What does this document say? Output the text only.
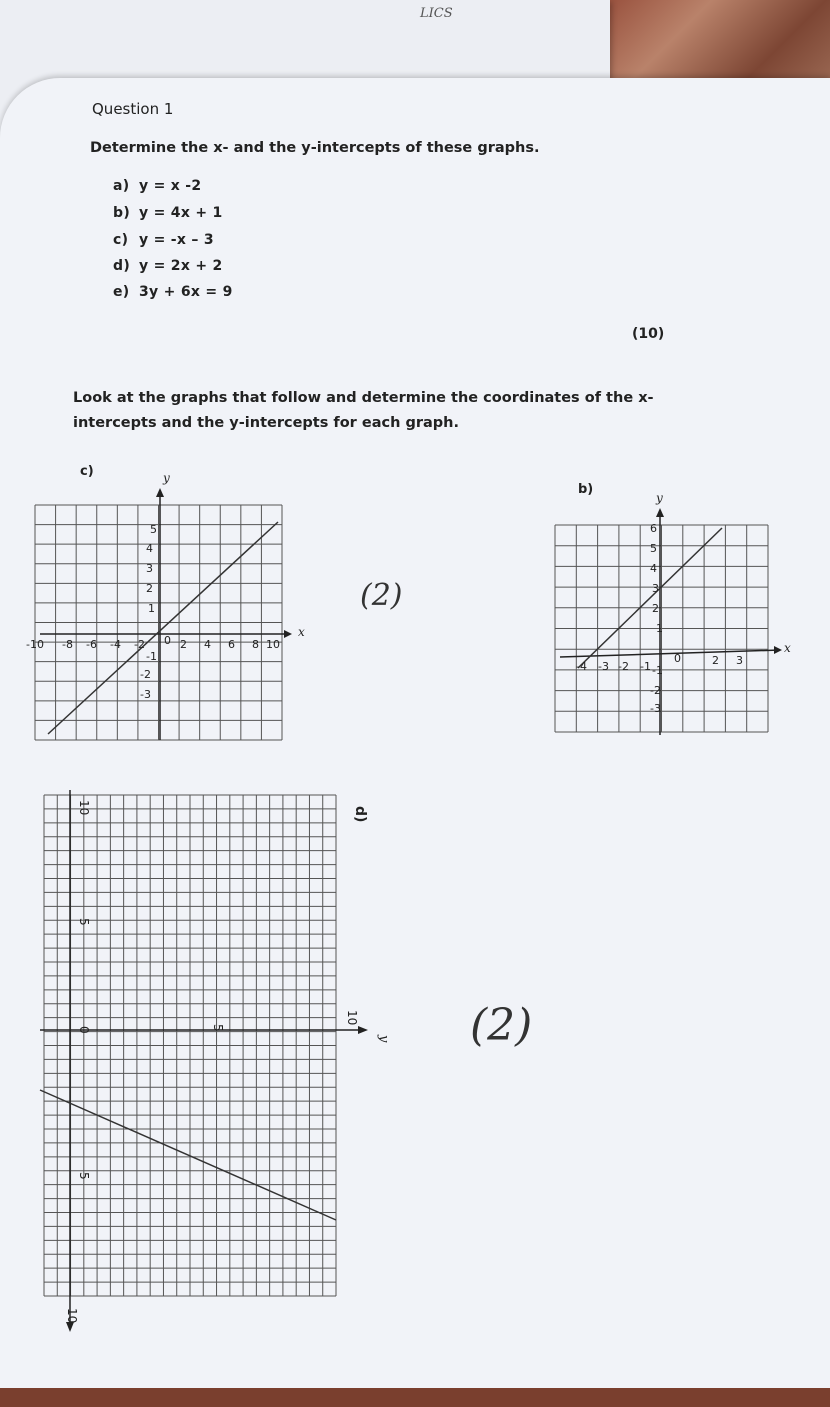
LICS
Question 1
Determine the x- and the y-intercepts of these graphs.
a) y = x -2
b) y = 4x + 1
c) y = -x – 3
d) y = 2x + 2
e) 3y + 6x = 9
(10)
Look at the graphs that follow and determine the coordinates of the x-
intercepts and the y-intercepts for each graph.
c)
b)
(2)
(2)
x
y
-10 -8 -6 -4 -2 0 2 4 6 8 10
5
4
3
2
1
-1
-2
-3
x
y
-4 -3 -2 -1
0	2 3
6
5
4
3
2
1
-1
-2
-3
y
d)
10
5
0
5
10
5
10
